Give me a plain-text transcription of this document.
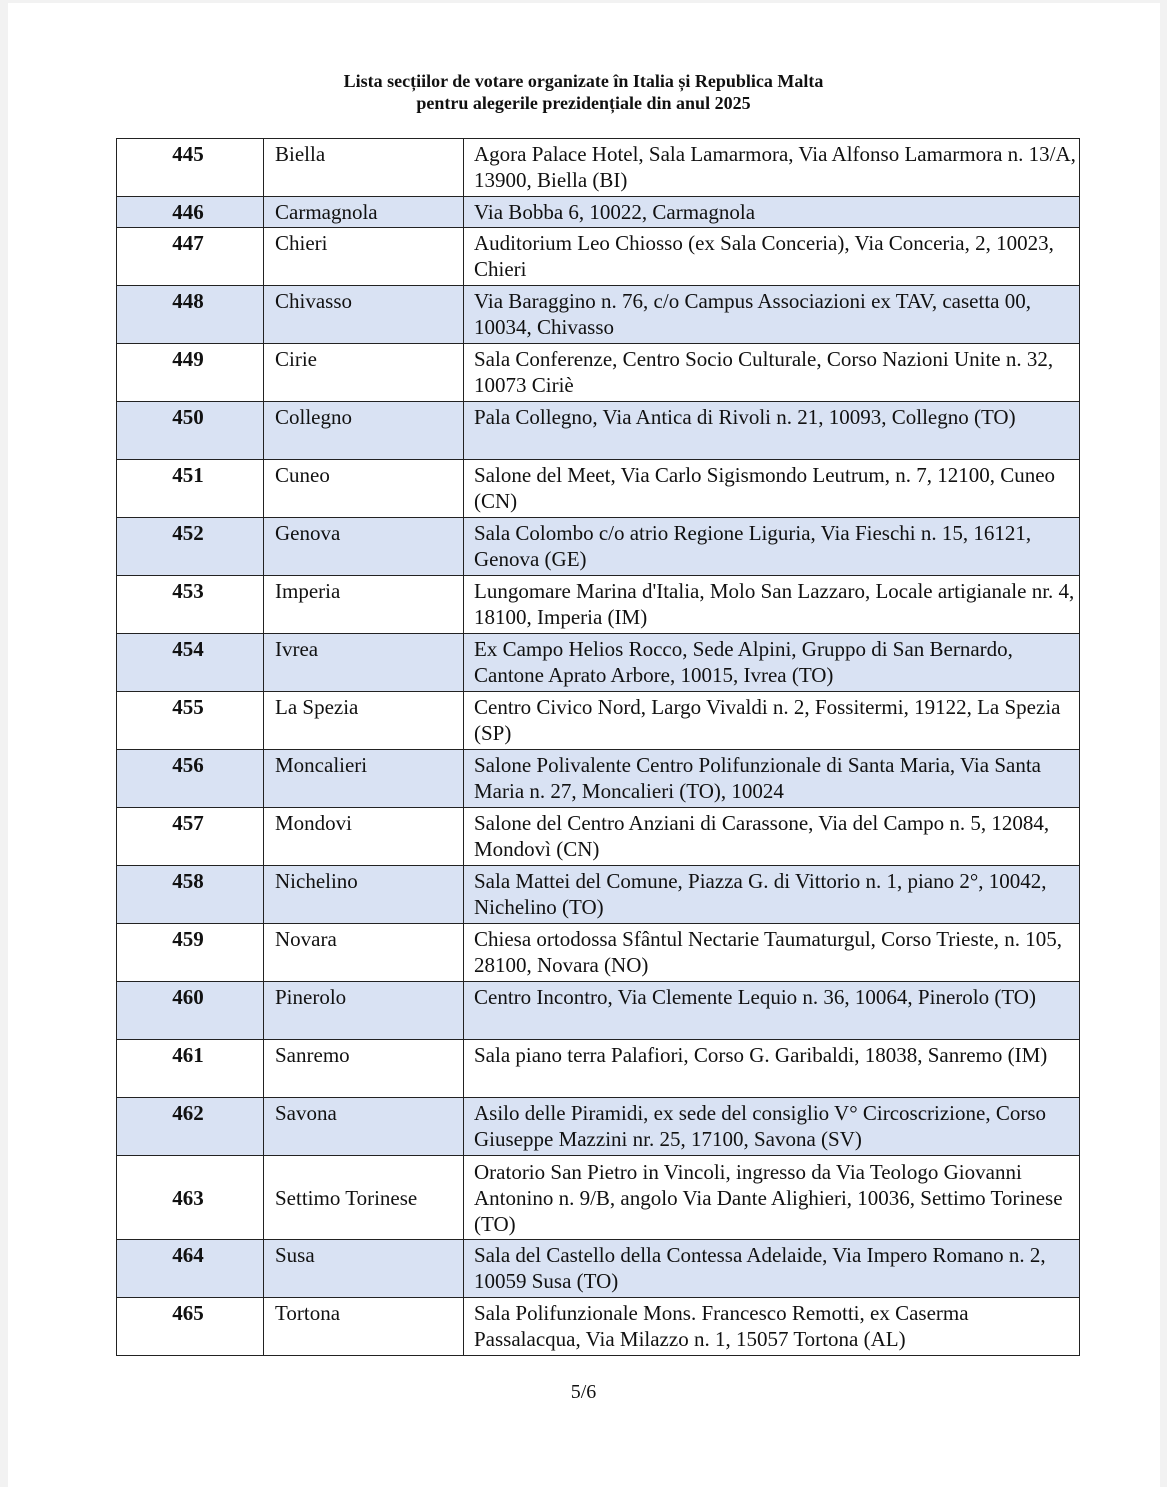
Lista secțiilor de votare organizate în Italia și Republica Malta
pentru alegerile prezidențiale din anul 2025
445	Biella	Agora Palace Hotel, Sala Lamarmora, Via Alfonso Lamarmora n. 13/A, 13900, Biella (BI)
446	Carmagnola	Via Bobba 6, 10022, Carmagnola
447	Chieri	Auditorium Leo Chiosso (ex Sala Conceria), Via Conceria, 2, 10023, Chieri
448	Chivasso	Via Baraggino n. 76, c/o Campus Associazioni ex TAV, casetta 00, 10034, Chivasso
449	Cirie	Sala Conferenze, Centro Socio Culturale, Corso Nazioni Unite n. 32, 10073 Ciriè
450	Collegno	Pala Collegno, Via Antica di Rivoli n. 21, 10093, Collegno (TO)
451	Cuneo	Salone del Meet, Via Carlo Sigismondo Leutrum, n. 7, 12100, Cuneo (CN)
452	Genova	Sala Colombo c/o atrio Regione Liguria, Via Fieschi n. 15, 16121, Genova (GE)
453	Imperia	Lungomare Marina d'Italia, Molo San Lazzaro, Locale artigianale nr. 4, 18100, Imperia (IM)
454	Ivrea	Ex Campo Helios Rocco, Sede Alpini, Gruppo di San Bernardo, Cantone Aprato Arbore, 10015, Ivrea (TO)
455	La Spezia	Centro Civico Nord, Largo Vivaldi n. 2, Fossitermi, 19122, La Spezia (SP)
456	Moncalieri	Salone Polivalente Centro Polifunzionale di Santa Maria, Via Santa Maria n. 27, Moncalieri (TO), 10024
457	Mondovi	Salone del Centro Anziani di Carassone, Via del Campo n. 5, 12084, Mondovì (CN)
458	Nichelino	Sala Mattei del Comune, Piazza G. di Vittorio n. 1, piano 2°, 10042, Nichelino (TO)
459	Novara	Chiesa ortodossa Sfântul Nectarie Taumaturgul, Corso Trieste, n. 105, 28100, Novara (NO)
460	Pinerolo	Centro Incontro, Via Clemente Lequio n. 36, 10064, Pinerolo (TO)
461	Sanremo	Sala piano terra Palafiori, Corso G. Garibaldi, 18038, Sanremo (IM)
462	Savona	Asilo delle Piramidi, ex sede del consiglio V° Circoscrizione, Corso Giuseppe Mazzini nr. 25, 17100, Savona (SV)
463	Settimo Torinese	Oratorio San Pietro in Vincoli, ingresso da Via Teologo Giovanni Antonino n. 9/B, angolo Via Dante Alighieri, 10036, Settimo Torinese (TO)
464	Susa	Sala del Castello della Contessa Adelaide, Via Impero Romano n. 2, 10059 Susa (TO)
465	Tortona	Sala Polifunzionale Mons. Francesco Remotti, ex Caserma Passalacqua, Via Milazzo n. 1, 15057 Tortona (AL)
5/6
